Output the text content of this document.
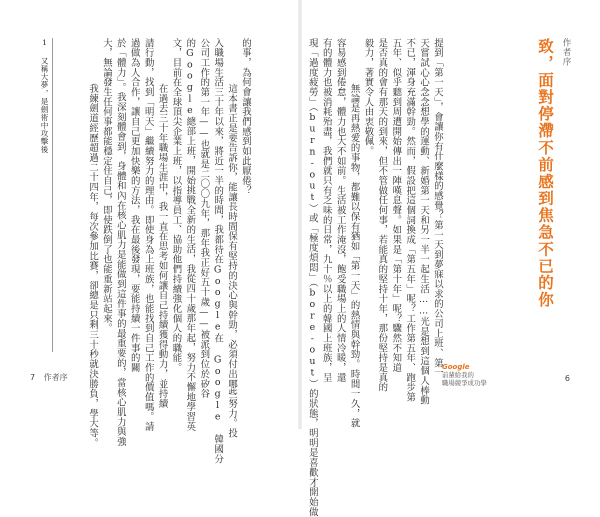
作者序
致，面對停滯不前感到焦急不已的你
提到「第一天」，會讓你有什麼樣的感覺？第一天到夢寐以求的公司上班、第一
天嘗試心心念念想學的運動、新婚第一天和另一半一起生活……光是想到這個人棒動
不已，渾身充滿幹勁。然而，假設把這個詞換成「第五年」呢？工作第五年、跑步第
五年、似乎聽到周遭開始傳出一陣嘆息聲。如果是「第十年」呢？驟然不知道
是否真的會有那天的到來，但不管做任何事，若能真的堅持十年，那份堅持是真的
毅力，著實令人由衷敬佩。
無論是再熱愛的事物，都難以保有猶如「第一天」的熱情與幹勁。時間一久，就
容易感到倦怠，體力也大不如前。生活被工作淹沒，飽受職場上的人情冷暖，還
有的體力也被消耗殆盡，我們就只有乏味的日常，九十％以上的韓國上班族，呈
現「過度疲勞」（burn-out）或「極度煩悶」（bore-out）的狀態，明明是喜歡才開始做	Google
前輩給我的
職場競爭成功學	6
的事，為何會讓我們感到如此厭倦？
這本書正是要告訴你，能讓長時間保有堅持的決心與幹勁，必須付出哪些努力。投
入職場生活三十年以來，將近一半的時間，我都待在Google在 Google 韓國分
公司工作的第一年——也就是二〇〇九年，那年我正好五十歲——被派到位於矽谷
的Google總部上班，開始挑戰全新的生活，我從四十歲那年起，努力不懈地學習英
文，目前在全球頂尖企業上班，以指導員工、協助他們持續強化個人的職能。
在過去三十年職場生涯中，我一直在思考如何讓自己持續獲得動力，並持續
請行動，找到「明天」繼續努力的理由。即使身為上班族，也能找到自己工作的價值嗎。請
過做為人合作，讓自己更加快樂的方法，我在最後發現，要能持續一件事的關
於「體力」。我深刻體會到，身體和內在核心肌力是能做到這件事的最重要的，當核心肌力與強
大，無論發生任何事都能穩定住自己，即使跌倒了也能重新站起來。
我練劍道經歷超過二十四年，每次參加比賽，卻總是只剩三十秒就決勝負，學大等。
1 又稱大夢，是劍術中攻擊後
7 作者序
